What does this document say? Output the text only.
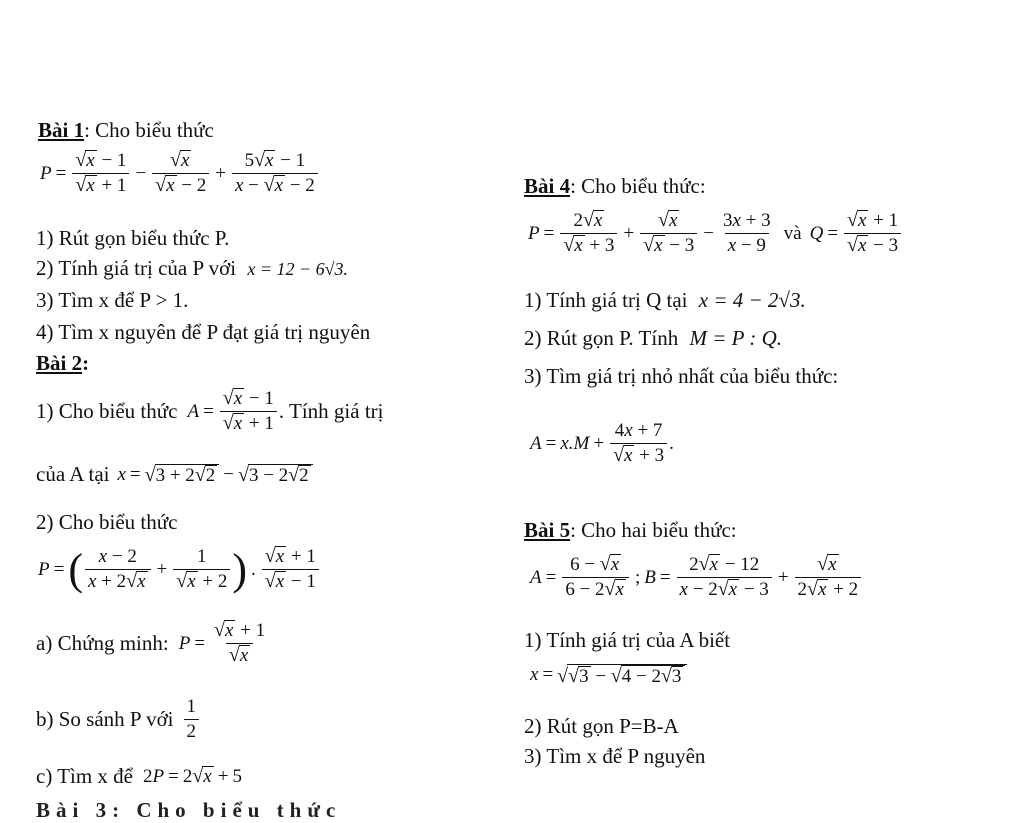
Bài 1: Cho biểu thức
$P = \frac{√ x - 1}{√ x + 1} - \frac{√ x}{√ x - 2} + \frac{5 √ x - 1}{x - √ x - 2}$
1) Rút gọn biểu thức P.
2) Tính giá trị của P với x = 12 − 6√3.
3) Tìm x để P > 1.
4) Tìm x nguyên để P đạt giá trị nguyên
Bài 2:
1) Cho biểu thức $A = \frac{√ x - 1}{√ x + 1}$ . Tính giá trị
của A tại x = √ 3 + 2 √ 2 − √ 3 − 2 √ 2
2) Cho biểu thức
P = ( $\frac{x - 2}{x + 2 √ x} + \frac{1}{√ x + 2}$ ) . $\frac{√ x + 1}{√ x - 1}$
a) Chứng minh: $P = \frac{√ x + 1}{√ x}$
b) So sánh P với $\frac{1}{2}$
c) Tìm x để 2P = 2 √ x + 5
Bài 3: Cho biểu thức
Bài 4: Cho biểu thức:
$P = \frac{2 √ x}{√ x + 3} + \frac{√ x}{√ x - 3} - \frac{3x + 3}{x - 9}$ và $Q = \frac{√ x + 1}{√ x - 3}$
1) Tính giá trị Q tại x = 4 − 2√3.
2) Rút gọn P. Tính M = P : Q.
3) Tìm giá trị nhỏ nhất của biểu thức:
$A = x.M + \frac{4x + 7}{√ x + 3}$ .
Bài 5: Cho hai biểu thức:
$A = \frac{6 - √ x}{6 - 2 √ x}$ ; $B = \frac{2 √ x - 12}{x - 2 √ x - 3} + \frac{√ x}{2 √ x + 2}$
1) Tính giá trị của A biết
x = √ √ 3 − √ 4 − 2 √ 3
2) Rút gọn P=B-A
3) Tìm x để P nguyên
